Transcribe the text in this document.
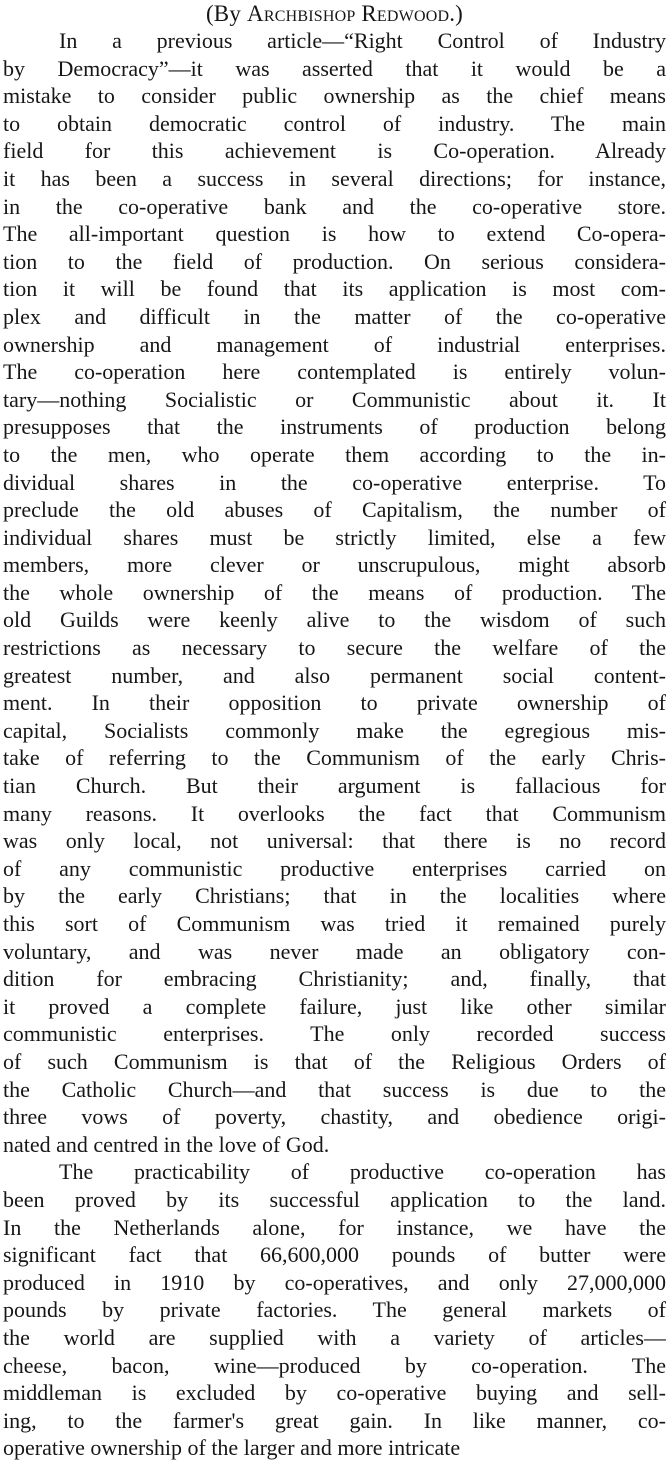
(By Archbishop Redwood.)
In a previous article—“Right Control of Industry
by Democracy”—it was asserted that it would be a
mistake to consider public ownership as the chief means
to obtain democratic control of industry. The main
field for this achievement is Co-operation. Already
it has been a success in several directions; for instance,
in the co-operative bank and the co-operative store.
The all-important question is how to extend Co-opera-
tion to the field of production. On serious considera-
tion it will be found that its application is most com-
plex and difficult in the matter of the co-operative
ownership and management of industrial enterprises.
The co-operation here contemplated is entirely volun-
tary—nothing Socialistic or Communistic about it. It
presupposes that the instruments of production belong
to the men, who operate them according to the in-
dividual shares in the co-operative enterprise. To
preclude the old abuses of Capitalism, the number of
individual shares must be strictly limited, else a few
members, more clever or unscrupulous, might absorb
the whole ownership of the means of production. The
old Guilds were keenly alive to the wisdom of such
restrictions as necessary to secure the welfare of the
greatest number, and also permanent social content-
ment. In their opposition to private ownership of
capital, Socialists commonly make the egregious mis-
take of referring to the Communism of the early Chris-
tian Church. But their argument is fallacious for
many reasons. It overlooks the fact that Communism
was only local, not universal: that there is no record
of any communistic productive enterprises carried on
by the early Christians; that in the localities where
this sort of Communism was tried it remained purely
voluntary, and was never made an obligatory con-
dition for embracing Christianity; and, finally, that
it proved a complete failure, just like other similar
communistic enterprises. The only recorded success
of such Communism is that of the Religious Orders of
the Catholic Church—and that success is due to the
three vows of poverty, chastity, and obedience origi-
nated and centred in the love of God.
The practicability of productive co-operation has
been proved by its successful application to the land.
In the Netherlands alone, for instance, we have the
significant fact that 66,600,000 pounds of butter were
produced in 1910 by co-operatives, and only 27,000,000
pounds by private factories. The general markets of
the world are supplied with a variety of articles—
cheese, bacon, wine—produced by co-operation. The
middleman is excluded by co-operative buying and sell-
ing, to the farmer's great gain. In like manner, co-
operative ownership of the larger and more intricate
